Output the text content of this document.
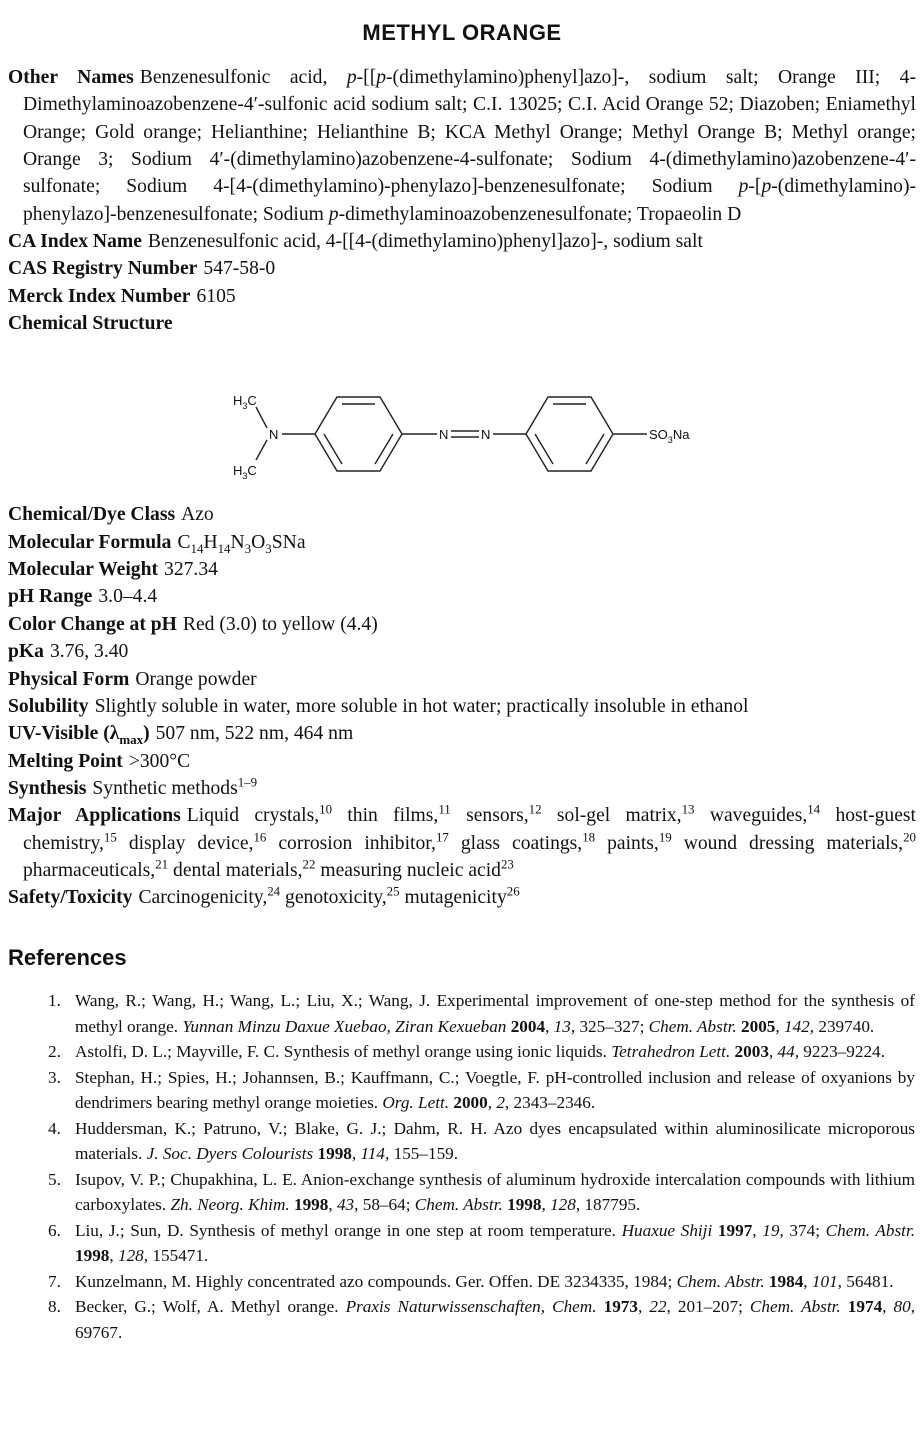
METHYL ORANGE
Other Names Benzenesulfonic acid, p-[[p-(dimethylamino)phenyl]azo]-, sodium salt; Orange III; 4-Dimethylaminoazobenzene-4′-sulfonic acid sodium salt; C.I. 13025; C.I. Acid Orange 52; Diazoben; Eniamethyl Orange; Gold orange; Helianthine; Helianthine B; KCA Methyl Orange; Methyl Orange B; Methyl orange; Orange 3; Sodium 4′-(dimethylamino)azobenzene-4-sulfonate; Sodium 4-(dimethylamino)azobenzene-4′-sulfonate; Sodium 4-[4-(dimethylamino)-phenylazo]-benzenesulfonate; Sodium p-[p-(dimethylamino)-phenylazo]-benzenesulfonate; Sodium p-dimethylaminoazobenzenesulfonate; Tropaeolin D
CA Index Name Benzenesulfonic acid, 4-[[4-(dimethylamino)phenyl]azo]-, sodium salt
CAS Registry Number 547-58-0
Merck Index Number 6105
Chemical Structure
Chemical/Dye Class Azo
Molecular Formula $C_{14}H_{14}N_3O_3SNa$
Molecular Weight 327.34
pH Range 3.0–4.4
Color Change at pH Red (3.0) to yellow (4.4)
pKa 3.76, 3.40
Physical Form Orange powder
Solubility Slightly soluble in water, more soluble in hot water; practically insoluble in ethanol
UV-Visible $(\lambda_{max})$ 507 nm, 522 nm, 464 nm
Melting Point >300°C
Synthesis Synthetic methods$^{1-9}$
Major Applications Liquid crystals,$^{10}$ thin films,$^{11}$ sensors,$^{12}$ sol-gel matrix,$^{13}$ waveguides,$^{14}$ host-guest chemistry,$^{15}$ display device,$^{16}$ corrosion inhibitor,$^{17}$ glass coatings,$^{18}$ paints,$^{19}$ wound dressing materials,$^{20}$ pharmaceuticals,$^{21}$ dental materials,$^{22}$ measuring nucleic acid$^{23}$
Safety/Toxicity Carcinogenicity,$^{24}$ genotoxicity,$^{25}$ mutagenicity$^{26}$
$H_3C$
N
$H_3C$
N	N	$SO_3Na$
References
1. Wang, R.; Wang, H.; Wang, L.; Liu, X.; Wang, J. Experimental improvement of one-step method for the synthesis of methyl orange. Yunnan Minzu Daxue Xuebao, Ziran Kexueban 2004, 13, 325–327; Chem. Abstr. 2005, 142, 239740.
2. Astolfi, D. L.; Mayville, F. C. Synthesis of methyl orange using ionic liquids. Tetrahedron Lett. 2003, 44, 9223–9224.
3. Stephan, H.; Spies, H.; Johannsen, B.; Kauffmann, C.; Voegtle, F. pH-controlled inclusion and release of oxyanions by dendrimers bearing methyl orange moieties. Org. Lett. 2000, 2, 2343–2346.
4. Huddersman, K.; Patruno, V.; Blake, G. J.; Dahm, R. H. Azo dyes encapsulated within aluminosilicate microporous materials. J. Soc. Dyers Colourists 1998, 114, 155–159.
5. Isupov, V. P.; Chupakhina, L. E. Anion-exchange synthesis of aluminum hydroxide intercalation compounds with lithium carboxylates. Zh. Neorg. Khim. 1998, 43, 58–64; Chem. Abstr. 1998, 128, 187795.
6. Liu, J.; Sun, D. Synthesis of methyl orange in one step at room temperature. Huaxue Shiji 1997, 19, 374; Chem. Abstr. 1998, 128, 155471.
7. Kunzelmann, M. Highly concentrated azo compounds. Ger. Offen. DE 3234335, 1984; Chem. Abstr. 1984, 101, 56481.
8. Becker, G.; Wolf, A. Methyl orange. Praxis Naturwissenschaften, Chem. 1973, 22, 201–207; Chem. Abstr. 1974, 80, 69767.
